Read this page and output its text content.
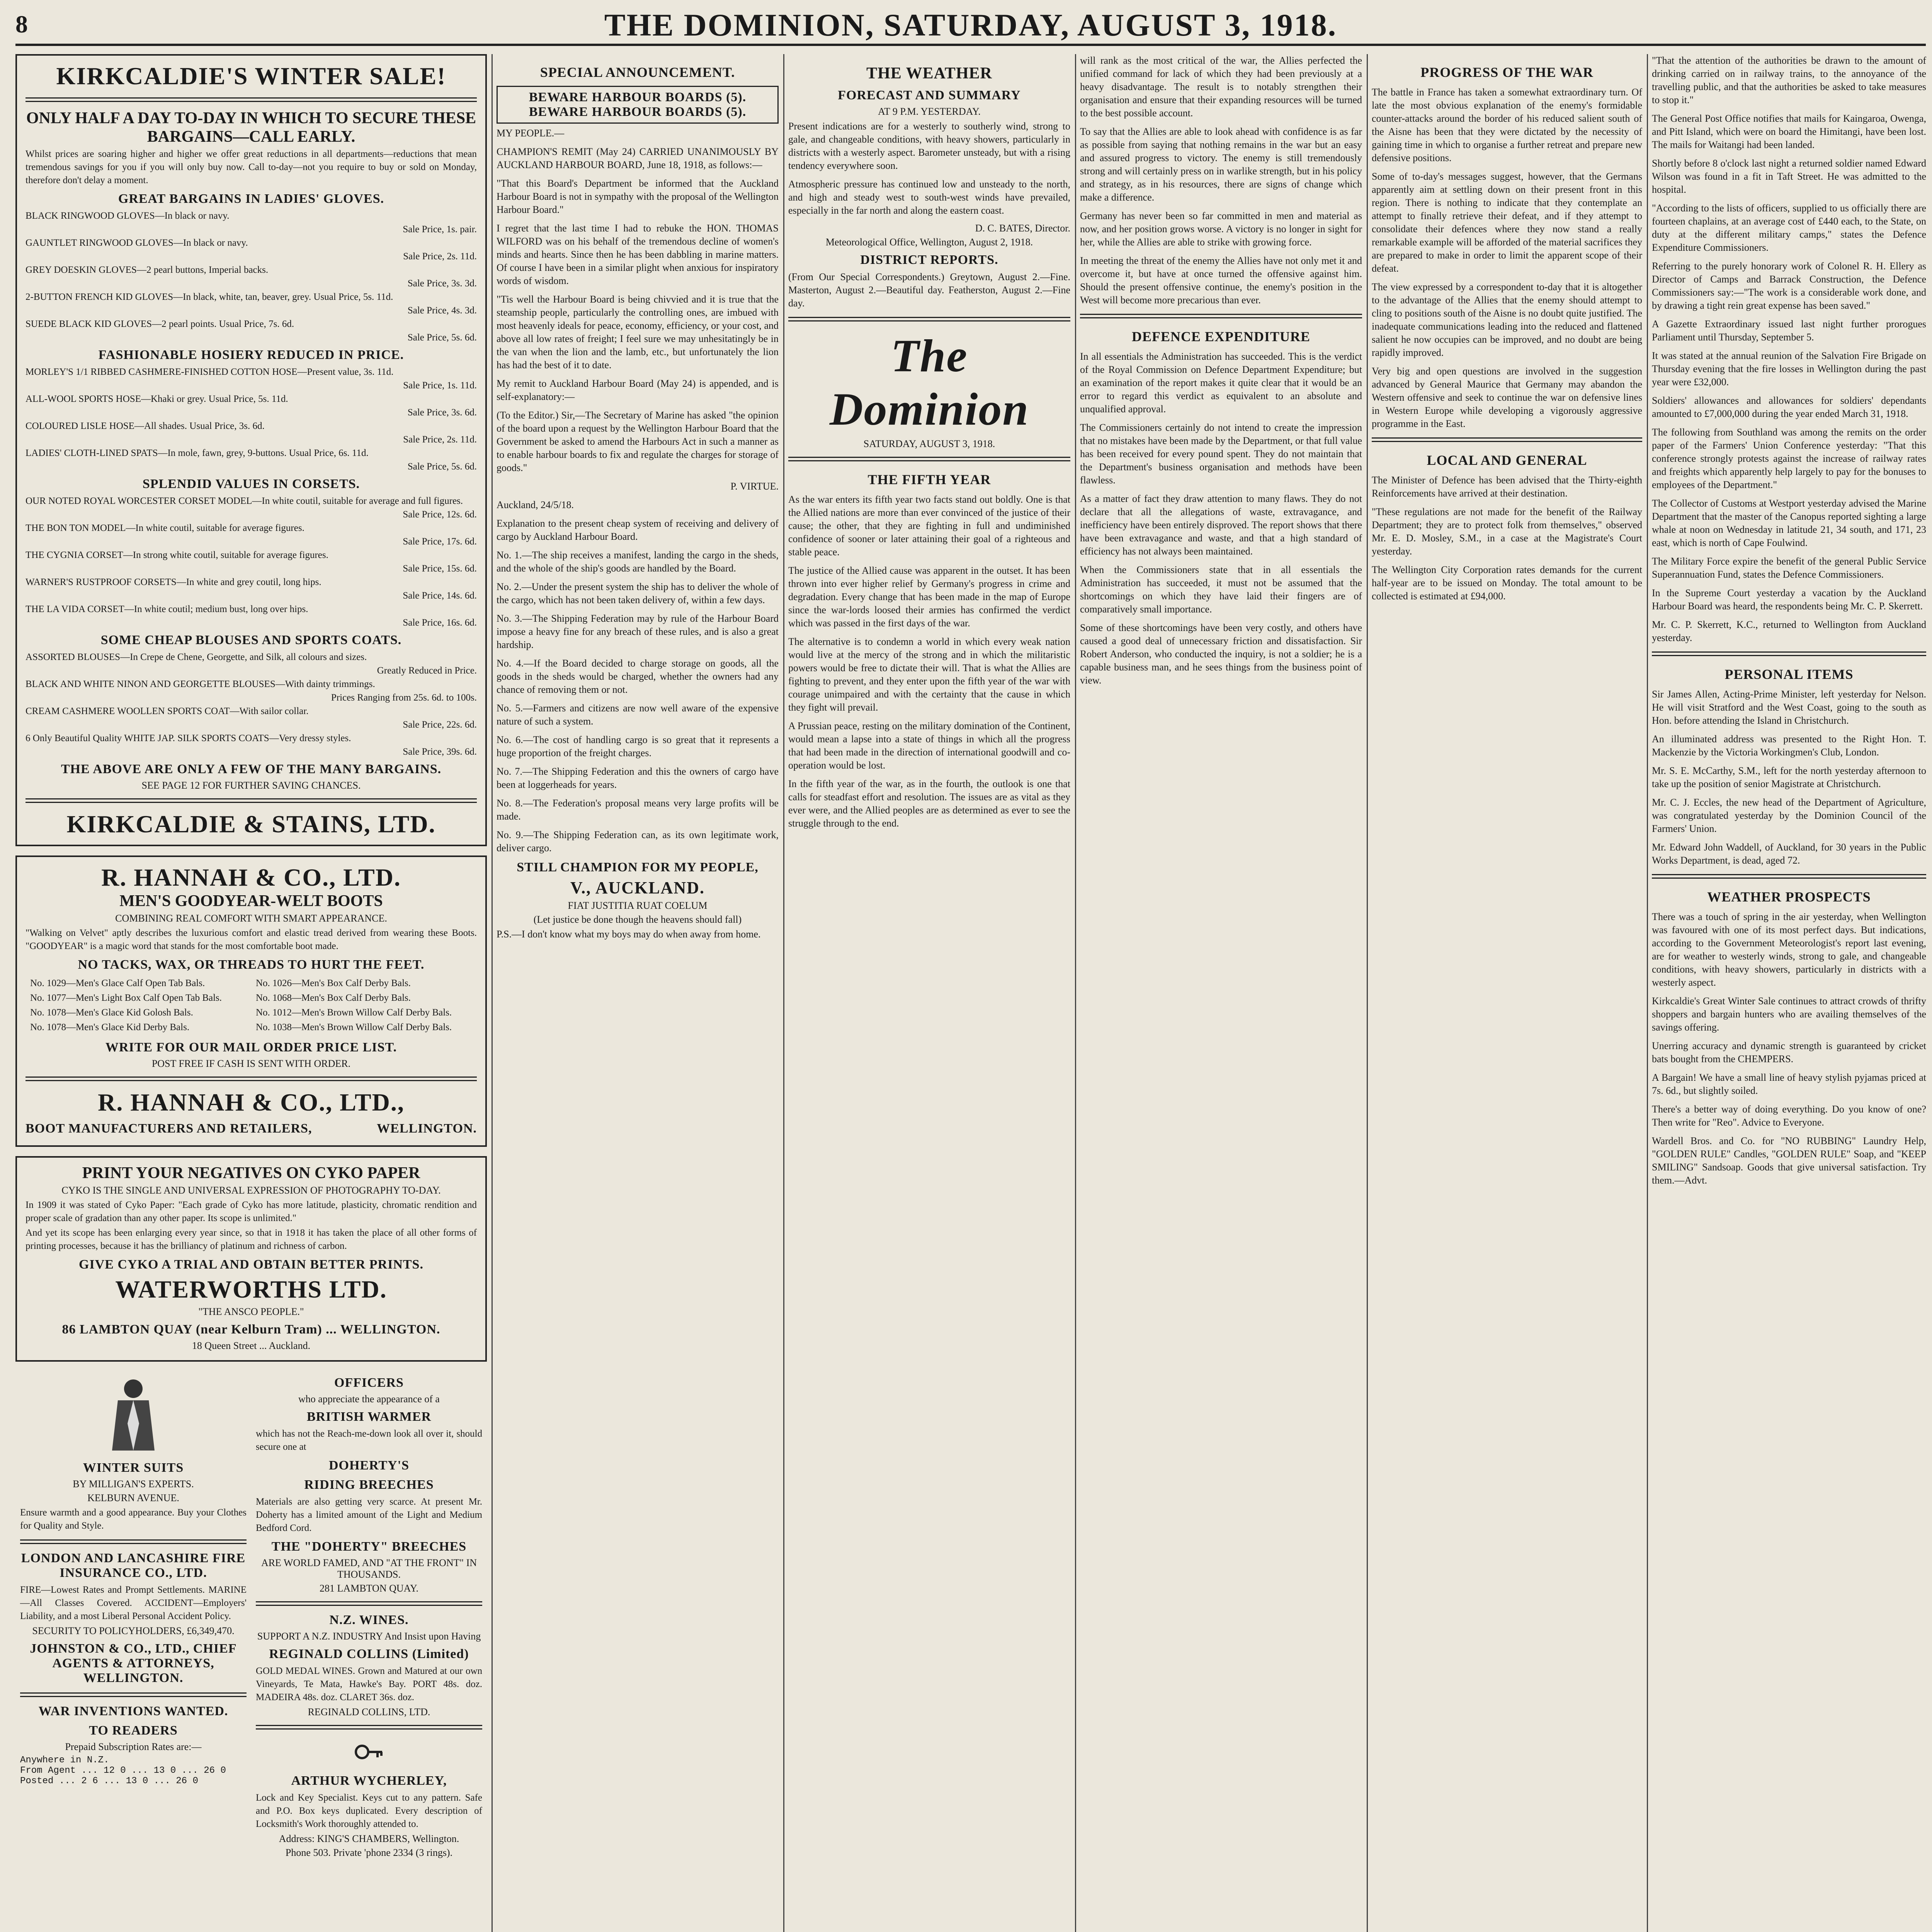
8	THE DOMINION, SATURDAY, AUGUST 3, 1918.
KIRKCALDIE'S WINTER SALE!
ONLY HALF A DAY TO-DAY IN WHICH TO SECURE THESE BARGAINS—CALL EARLY.

Whilst prices are soaring higher and higher we offer great reductions in all departments—reductions that mean tremendous savings for you if you will only buy now. Call to-day—not you require to buy or sold on Monday, therefore don't delay a moment.

GREAT BARGAINS IN LADIES' GLOVES.
BLACK RINGWOOD GLOVES—In black or navy.
Sale Price, 1s. pair.
GAUNTLET RINGWOOD GLOVES—In black or navy.
Sale Price, 2s. 11d.
GREY DOESKIN GLOVES—2 pearl buttons, Imperial backs.
Sale Price, 3s. 3d.
2-BUTTON FRENCH KID GLOVES—In black, white, tan, beaver, grey. Usual Price, 5s. 11d.
Sale Price, 4s. 3d.
SUEDE BLACK KID GLOVES—2 pearl points. Usual Price, 7s. 6d.
Sale Price, 5s. 6d.
FASHIONABLE HOSIERY REDUCED IN PRICE.
MORLEY'S 1/1 RIBBED CASHMERE-FINISHED COTTON HOSE—Present value, 3s. 11d.
Sale Price, 1s. 11d.
ALL-WOOL SPORTS HOSE—Khaki or grey. Usual Price, 5s. 11d.
Sale Price, 3s. 6d.
COLOURED LISLE HOSE—All shades. Usual Price, 3s. 6d.
Sale Price, 2s. 11d.
LADIES' CLOTH-LINED SPATS—In mole, fawn, grey, 9-buttons. Usual Price, 6s. 11d.
Sale Price, 5s. 6d.
SPLENDID VALUES IN CORSETS.
OUR NOTED ROYAL WORCESTER CORSET MODEL—In white coutil, suitable for average and full figures.
Sale Price, 12s. 6d.
THE BON TON MODEL—In white coutil, suitable for average figures.
Sale Price, 17s. 6d.
THE CYGNIA CORSET—In strong white coutil, suitable for average figures.
Sale Price, 15s. 6d.
WARNER'S RUSTPROOF CORSETS—In white and grey coutil, long hips.
Sale Price, 14s. 6d.
THE LA VIDA CORSET—In white coutil; medium bust, long over hips.
Sale Price, 16s. 6d.
SOME CHEAP BLOUSES AND SPORTS COATS.
ASSORTED BLOUSES—In Crepe de Chene, Georgette, and Silk, all colours and sizes.
Greatly Reduced in Price.
BLACK AND WHITE NINON AND GEORGETTE BLOUSES—With dainty trimmings.
Prices Ranging from 25s. 6d. to 100s.
CREAM CASHMERE WOOLLEN SPORTS COAT—With sailor collar.
Sale Price, 22s. 6d.
6 Only Beautiful Quality WHITE JAP. SILK SPORTS COATS—Very dressy styles.
Sale Price, 39s. 6d.
THE ABOVE ARE ONLY A FEW OF THE MANY BARGAINS.
SEE PAGE 12 FOR FURTHER SAVING CHANCES.
KIRKCALDIE & STAINS, LTD.
R. HANNAH & CO., LTD.
MEN'S GOODYEAR-WELT BOOTS
COMBINING REAL COMFORT WITH SMART APPEARANCE.

"Walking on Velvet" aptly describes the luxurious comfort and elastic tread derived from wearing these Boots. "GOODYEAR" is a magic word that stands for the most comfortable boot made.

NO TACKS, WAX, OR THREADS TO HURT THE FEET.
No. 1029—Men's Glace Calf Open Tab Bals.
No. 1077—Men's Light Box Calf Open Tab Bals.
No. 1078—Men's Glace Kid Golosh Bals.
No. 1078—Men's Glace Kid Derby Bals.
No. 1026—Men's Box Calf Derby Bals.
No. 1068—Men's Box Calf Derby Bals.
No. 1012—Men's Brown Willow Calf Derby Bals.
No. 1038—Men's Brown Willow Calf Derby Bals.
WRITE FOR OUR MAIL ORDER PRICE LIST.
POST FREE IF CASH IS SENT WITH ORDER.
R. HANNAH & CO., LTD.,
BOOT MANUFACTURERS AND RETAILERS,	WELLINGTON.
PRINT YOUR NEGATIVES ON CYKO PAPER
CYKO IS THE SINGLE AND UNIVERSAL EXPRESSION OF PHOTOGRAPHY TO-DAY.

In 1909 it was stated of Cyko Paper: "Each grade of Cyko has more latitude, plasticity, chromatic rendition and proper scale of gradation than any other paper. Its scope is unlimited."

And yet its scope has been enlarging every year since, so that in 1918 it has taken the place of all other forms of printing processes, because it has the brilliancy of platinum and richness of carbon.

GIVE CYKO A TRIAL AND OBTAIN BETTER PRINTS.
WATERWORTHS LTD.
"THE ANSCO PEOPLE."
86 LAMBTON QUAY (near Kelburn Tram) ... WELLINGTON.
18 Queen Street ... Auckland.
WINTER SUITS
BY MILLIGAN'S EXPERTS.
KELBURN AVENUE.

Ensure warmth and a good appearance. Buy your Clothes for Quality and Style.

LONDON AND LANCASHIRE FIRE INSURANCE CO., LTD.

FIRE—Lowest Rates and Prompt Settlements. MARINE—All Classes Covered. ACCIDENT—Employers' Liability, and a most Liberal Personal Accident Policy.

SECURITY TO POLICYHOLDERS, £6,349,470.
JOHNSTON & CO., LTD., CHIEF AGENTS & ATTORNEYS, WELLINGTON.
WAR INVENTIONS WANTED.
TO READERS
Prepaid Subscription Rates are:—
Anywhere in N.Z.
From Agent ... 12 0 ... 13 0 ... 26 0
Posted ... 2 6 ... 13 0 ... 26 0
OFFICERS
who appreciate the appearance of a
BRITISH WARMER

which has not the Reach-me-down look all over it, should secure one at

DOHERTY'S
RIDING BREECHES

Materials are also getting very scarce. At present Mr. Doherty has a limited amount of the Light and Medium Bedford Cord.

THE "DOHERTY" BREECHES
ARE WORLD FAMED, AND "AT THE FRONT" IN THOUSANDS.
281 LAMBTON QUAY.
N.Z. WINES.
SUPPORT A N.Z. INDUSTRY And Insist upon Having
REGINALD COLLINS (Limited)

GOLD MEDAL WINES. Grown and Matured at our own Vineyards, Te Mata, Hawke's Bay. PORT 48s. doz. MADEIRA 48s. doz. CLARET 36s. doz.

REGINALD COLLINS, LTD.
ARTHUR WYCHERLEY,

Lock and Key Specialist. Keys cut to any pattern. Safe and P.O. Box keys duplicated. Every description of Locksmith's Work thoroughly attended to.

Address: KING'S CHAMBERS, Wellington.
Phone 503. Private 'phone 2334 (3 rings).
SPECIAL ANNOUNCEMENT.
BEWARE HARBOUR BOARDS (5). BEWARE HARBOUR BOARDS (5).
MY PEOPLE.—

CHAMPION'S REMIT (May 24) CARRIED UNANIMOUSLY BY AUCKLAND HARBOUR BOARD, June 18, 1918, as follows:—

"That this Board's Department be informed that the Auckland Harbour Board is not in sympathy with the proposal of the Wellington Harbour Board."

I regret that the last time I had to rebuke the HON. THOMAS WILFORD was on his behalf of the tremendous decline of women's minds and hearts. Since then he has been dabbling in marine matters. Of course I have been in a similar plight when anxious for inspiratory words of wisdom.

"Tis well the Harbour Board is being chivvied and it is true that the steamship people, particularly the controlling ones, are imbued with most heavenly ideals for peace, economy, efficiency, or your cost, and above all low rates of freight; I feel sure we may unhesitatingly be in the van when the lion and the lamb, etc., but unfortunately the lion has had the best of it to date.

My remit to Auckland Harbour Board (May 24) is appended, and is self-explanatory:—

(To the Editor.) Sir,—The Secretary of Marine has asked "the opinion of the board upon a request by the Wellington Harbour Board that the Government be asked to amend the Harbours Act in such a manner as to enable harbour boards to fix and regulate the charges for storage of goods."

P. VIRTUE.

Auckland, 24/5/18.

Explanation to the present cheap system of receiving and delivery of cargo by Auckland Harbour Board.

No. 1.—The ship receives a manifest, landing the cargo in the sheds, and the whole of the ship's goods are handled by the Board.

No. 2.—Under the present system the ship has to deliver the whole of the cargo, which has not been taken delivery of, within a few days.

No. 3.—The Shipping Federation may by rule of the Harbour Board impose a heavy fine for any breach of these rules, and is also a great hardship.

No. 4.—If the Board decided to charge storage on goods, all the goods in the sheds would be charged, whether the owners had any chance of removing them or not.

No. 5.—Farmers and citizens are now well aware of the expensive nature of such a system.

No. 6.—The cost of handling cargo is so great that it represents a huge proportion of the freight charges.

No. 7.—The Shipping Federation and this the owners of cargo have been at loggerheads for years.

No. 8.—The Federation's proposal means very large profits will be made.

No. 9.—The Shipping Federation can, as its own legitimate work, deliver cargo.

STILL CHAMPION FOR MY PEOPLE,
V., AUCKLAND.
FIAT JUSTITIA RUAT COELUM
(Let justice be done though the heavens should fall)

P.S.—I don't know what my boys may do when away from home.

THE WEATHER
FORECAST AND SUMMARY
AT 9 P.M. YESTERDAY.

Present indications are for a westerly to southerly wind, strong to gale, and changeable conditions, with heavy showers, particularly in districts with a westerly aspect. Barometer unsteady, but with a rising tendency everywhere soon.

Atmospheric pressure has continued low and unsteady to the north, and high and steady west to south-west winds have prevailed, especially in the far north and along the eastern coast.

D. C. BATES, Director.
Meteorological Office, Wellington, August 2, 1918.
DISTRICT REPORTS.

(From Our Special Correspondents.) Greytown, August 2.—Fine. Masterton, August 2.—Beautiful day. Featherston, August 2.—Fine day.

The Dominion
SATURDAY, AUGUST 3, 1918.
THE FIFTH YEAR

As the war enters its fifth year two facts stand out boldly. One is that the Allied nations are more than ever convinced of the justice of their cause; the other, that they are fighting in full and undiminished confidence of sooner or later attaining their goal of a righteous and stable peace.

The justice of the Allied cause was apparent in the outset. It has been thrown into ever higher relief by Germany's progress in crime and degradation. Every change that has been made in the map of Europe since the war-lords loosed their armies has confirmed the verdict which was passed in the first days of the war.

The alternative is to condemn a world in which every weak nation would live at the mercy of the strong and in which the militaristic powers would be free to dictate their will. That is what the Allies are fighting to prevent, and they enter upon the fifth year of the war with courage unimpaired and with the certainty that the cause in which they fight will prevail.

A Prussian peace, resting on the military domination of the Continent, would mean a lapse into a state of things in which all the progress that had been made in the direction of international goodwill and co-operation would be lost.

In the fifth year of the war, as in the fourth, the outlook is one that calls for steadfast effort and resolution. The issues are as vital as they ever were, and the Allied peoples are as determined as ever to see the struggle through to the end.

will rank as the most critical of the war, the Allies perfected the unified command for lack of which they had been previously at a heavy disadvantage. The result is to notably strengthen their organisation and ensure that their expanding resources will be turned to the best possible account.

To say that the Allies are able to look ahead with confidence is as far as possible from saying that nothing remains in the war but an easy and assured progress to victory. The enemy is still tremendously strong and will certainly press on in warlike strength, but in his policy and strategy, as in his resources, there are signs of change which make a difference.

Germany has never been so far committed in men and material as now, and her position grows worse. A victory is no longer in sight for her, while the Allies are able to strike with growing force.

In meeting the threat of the enemy the Allies have not only met it and overcome it, but have at once turned the offensive against him. Should the present offensive continue, the enemy's position in the West will become more precarious than ever.

DEFENCE EXPENDITURE

In all essentials the Administration has succeeded. This is the verdict of the Royal Commission on Defence Department Expenditure; but an examination of the report makes it quite clear that it would be an error to regard this verdict as equivalent to an absolute and unqualified approval.

The Commissioners certainly do not intend to create the impression that no mistakes have been made by the Department, or that full value has been received for every pound spent. They do not maintain that the Department's business organisation and methods have been flawless.

As a matter of fact they draw attention to many flaws. They do not declare that all the allegations of waste, extravagance, and inefficiency have been entirely disproved. The report shows that there have been extravagance and waste, and that a high standard of efficiency has not always been maintained.

When the Commissioners state that in all essentials the Administration has succeeded, it must not be assumed that the shortcomings on which they have laid their fingers are of comparatively small importance.

Some of these shortcomings have been very costly, and others have caused a good deal of unnecessary friction and dissatisfaction. Sir Robert Anderson, who conducted the inquiry, is not a soldier; he is a capable business man, and he sees things from the business point of view.

PROGRESS OF THE WAR

The battle in France has taken a somewhat extraordinary turn. Of late the most obvious explanation of the enemy's formidable counter-attacks around the border of his reduced salient south of the Aisne has been that they were dictated by the necessity of gaining time in which to organise a further retreat and prepare new defensive positions.

Some of to-day's messages suggest, however, that the Germans apparently aim at settling down on their present front in this region. There is nothing to indicate that they contemplate an attempt to finally retrieve their defeat, and if they attempt to consolidate their defences where they now stand a really remarkable example will be afforded of the material sacrifices they are prepared to make in order to limit the apparent scope of their defeat.

The view expressed by a correspondent to-day that it is altogether to the advantage of the Allies that the enemy should attempt to cling to positions south of the Aisne is no doubt quite justified. The inadequate communications leading into the reduced and flattened salient he now occupies can be improved, and no doubt are being rapidly improved.

Very big and open questions are involved in the suggestion advanced by General Maurice that Germany may abandon the Western offensive and seek to continue the war on defensive lines in Western Europe while developing a vigorously aggressive programme in the East.

LOCAL AND GENERAL

The Minister of Defence has been advised that the Thirty-eighth Reinforcements have arrived at their destination.

"These regulations are not made for the benefit of the Railway Department; they are to protect folk from themselves," observed Mr. E. D. Mosley, S.M., in a case at the Magistrate's Court yesterday.

The Wellington City Corporation rates demands for the current half-year are to be issued on Monday. The total amount to be collected is estimated at £94,000.

"That the attention of the authorities be drawn to the amount of drinking carried on in railway trains, to the annoyance of the travelling public, and that the authorities be asked to take measures to stop it."

The General Post Office notifies that mails for Kaingaroa, Owenga, and Pitt Island, which were on board the Himitangi, have been lost. The mails for Waitangi had been landed.

Shortly before 8 o'clock last night a returned soldier named Edward Wilson was found in a fit in Taft Street. He was admitted to the hospital.

"According to the lists of officers, supplied to us officially there are fourteen chaplains, at an average cost of £440 each, to the State, on duty at the different military camps," states the Defence Expenditure Commissioners.

Referring to the purely honorary work of Colonel R. H. Ellery as Director of Camps and Barrack Construction, the Defence Commissioners say:—"The work is a considerable work done, and by drawing a tight rein great expense has been saved."

A Gazette Extraordinary issued last night further prorogues Parliament until Thursday, September 5.

It was stated at the annual reunion of the Salvation Fire Brigade on Thursday evening that the fire losses in Wellington during the past year were £32,000.

Soldiers' allowances and allowances for soldiers' dependants amounted to £7,000,000 during the year ended March 31, 1918.

The following from Southland was among the remits on the order paper of the Farmers' Union Conference yesterday: "That this conference strongly protests against the increase of railway rates and freights which apparently help largely to pay for the bonuses to employees of the Department."

The Collector of Customs at Westport yesterday advised the Marine Department that the master of the Canopus reported sighting a large whale at noon on Wednesday in latitude 21, 34 south, and 171, 23 east, which is north of Cape Foulwind.

The Military Force expire the benefit of the general Public Service Superannuation Fund, states the Defence Commissioners.

In the Supreme Court yesterday a vacation by the Auckland Harbour Board was heard, the respondents being Mr. C. P. Skerrett.

Mr. C. P. Skerrett, K.C., returned to Wellington from Auckland yesterday.

PERSONAL ITEMS

Sir James Allen, Acting-Prime Minister, left yesterday for Nelson. He will visit Stratford and the West Coast, going to the south as Hon. before attending the Island in Christchurch.

An illuminated address was presented to the Right Hon. T. Mackenzie by the Victoria Workingmen's Club, London.

Mr. S. E. McCarthy, S.M., left for the north yesterday afternoon to take up the position of senior Magistrate at Christchurch.

Mr. C. J. Eccles, the new head of the Department of Agriculture, was congratulated yesterday by the Dominion Council of the Farmers' Union.

Mr. Edward John Waddell, of Auckland, for 30 years in the Public Works Department, is dead, aged 72.

WEATHER PROSPECTS

There was a touch of spring in the air yesterday, when Wellington was favoured with one of its most perfect days. But indications, according to the Government Meteorologist's report last evening, are for weather to westerly winds, strong to gale, and changeable conditions, with heavy showers, particularly in districts with a westerly aspect.

Kirkcaldie's Great Winter Sale continues to attract crowds of thrifty shoppers and bargain hunters who are availing themselves of the savings offering.

Unerring accuracy and dynamic strength is guaranteed by cricket bats bought from the CHEMPERS.

A Bargain! We have a small line of heavy stylish pyjamas priced at 7s. 6d., but slightly soiled.

There's a better way of doing everything. Do you know of one? Then write for "Reo". Advice to Everyone.

Wardell Bros. and Co. for "NO RUBBING" Laundry Help, "GOLDEN RULE" Candles, "GOLDEN RULE" Soap, and "KEEP SMILING" Sandsoap. Goods that give universal satisfaction. Try them.—Advt.
